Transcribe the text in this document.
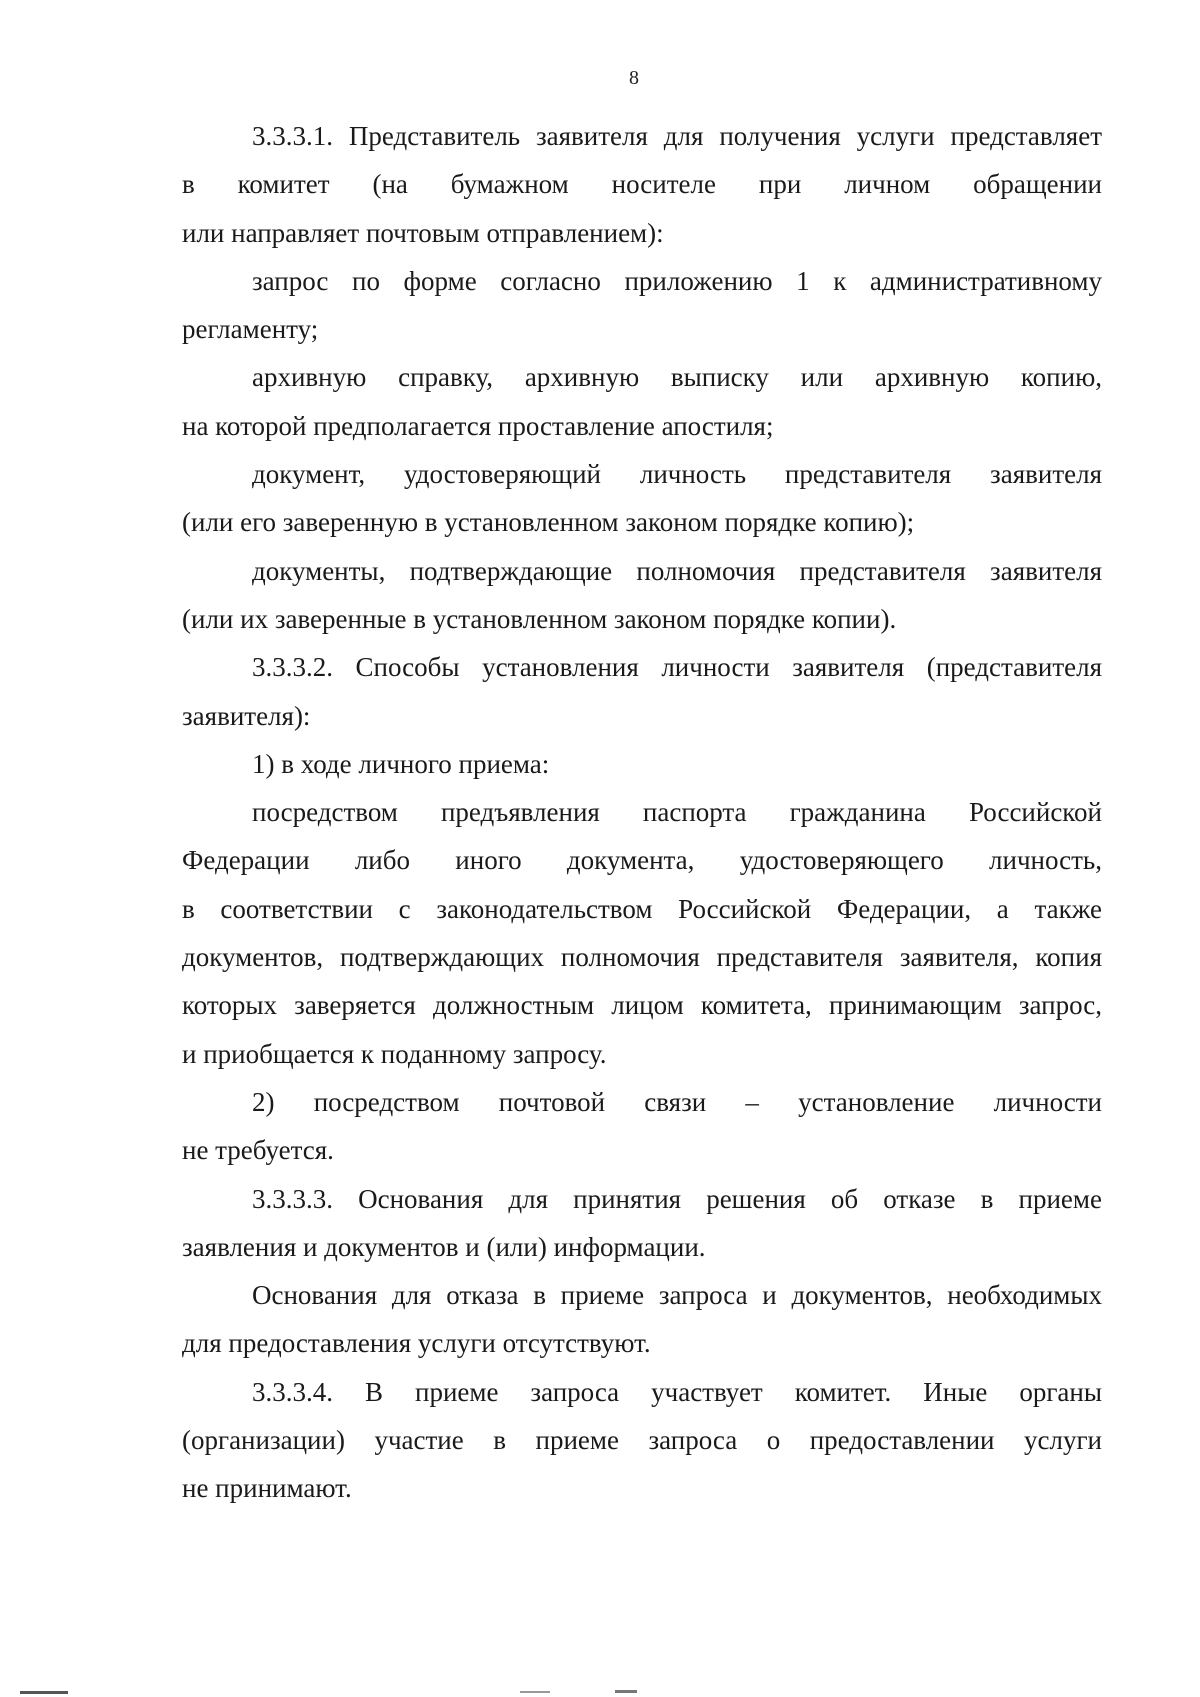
8
3.3.3.1. Представитель заявителя для получения услуги представляет
в комитет (на бумажном носителе при личном обращении
или направляет почтовым отправлением):
запрос по форме согласно приложению 1 к административному
регламенту;
архивную справку, архивную выписку или архивную копию,
на которой предполагается проставление апостиля;
документ, удостоверяющий личность представителя заявителя
(или его заверенную в установленном законом порядке копию);
документы, подтверждающие полномочия представителя заявителя
(или их заверенные в установленном законом порядке копии).
3.3.3.2. Способы установления личности заявителя (представителя
заявителя):
1) в ходе личного приема:
посредством предъявления паспорта гражданина Российской
Федерации либо иного документа, удостоверяющего личность,
в соответствии с законодательством Российской Федерации, а также
документов, подтверждающих полномочия представителя заявителя, копия
которых заверяется должностным лицом комитета, принимающим запрос,
и приобщается к поданному запросу.
2) посредством почтовой связи – установление личности
не требуется.
3.3.3.3. Основания для принятия решения об отказе в приеме
заявления и документов и (или) информации.
Основания для отказа в приеме запроса и документов, необходимых
для предоставления услуги отсутствуют.
3.3.3.4. В приеме запроса участвует комитет. Иные органы
(организации) участие в приеме запроса о предоставлении услуги
не принимают.
